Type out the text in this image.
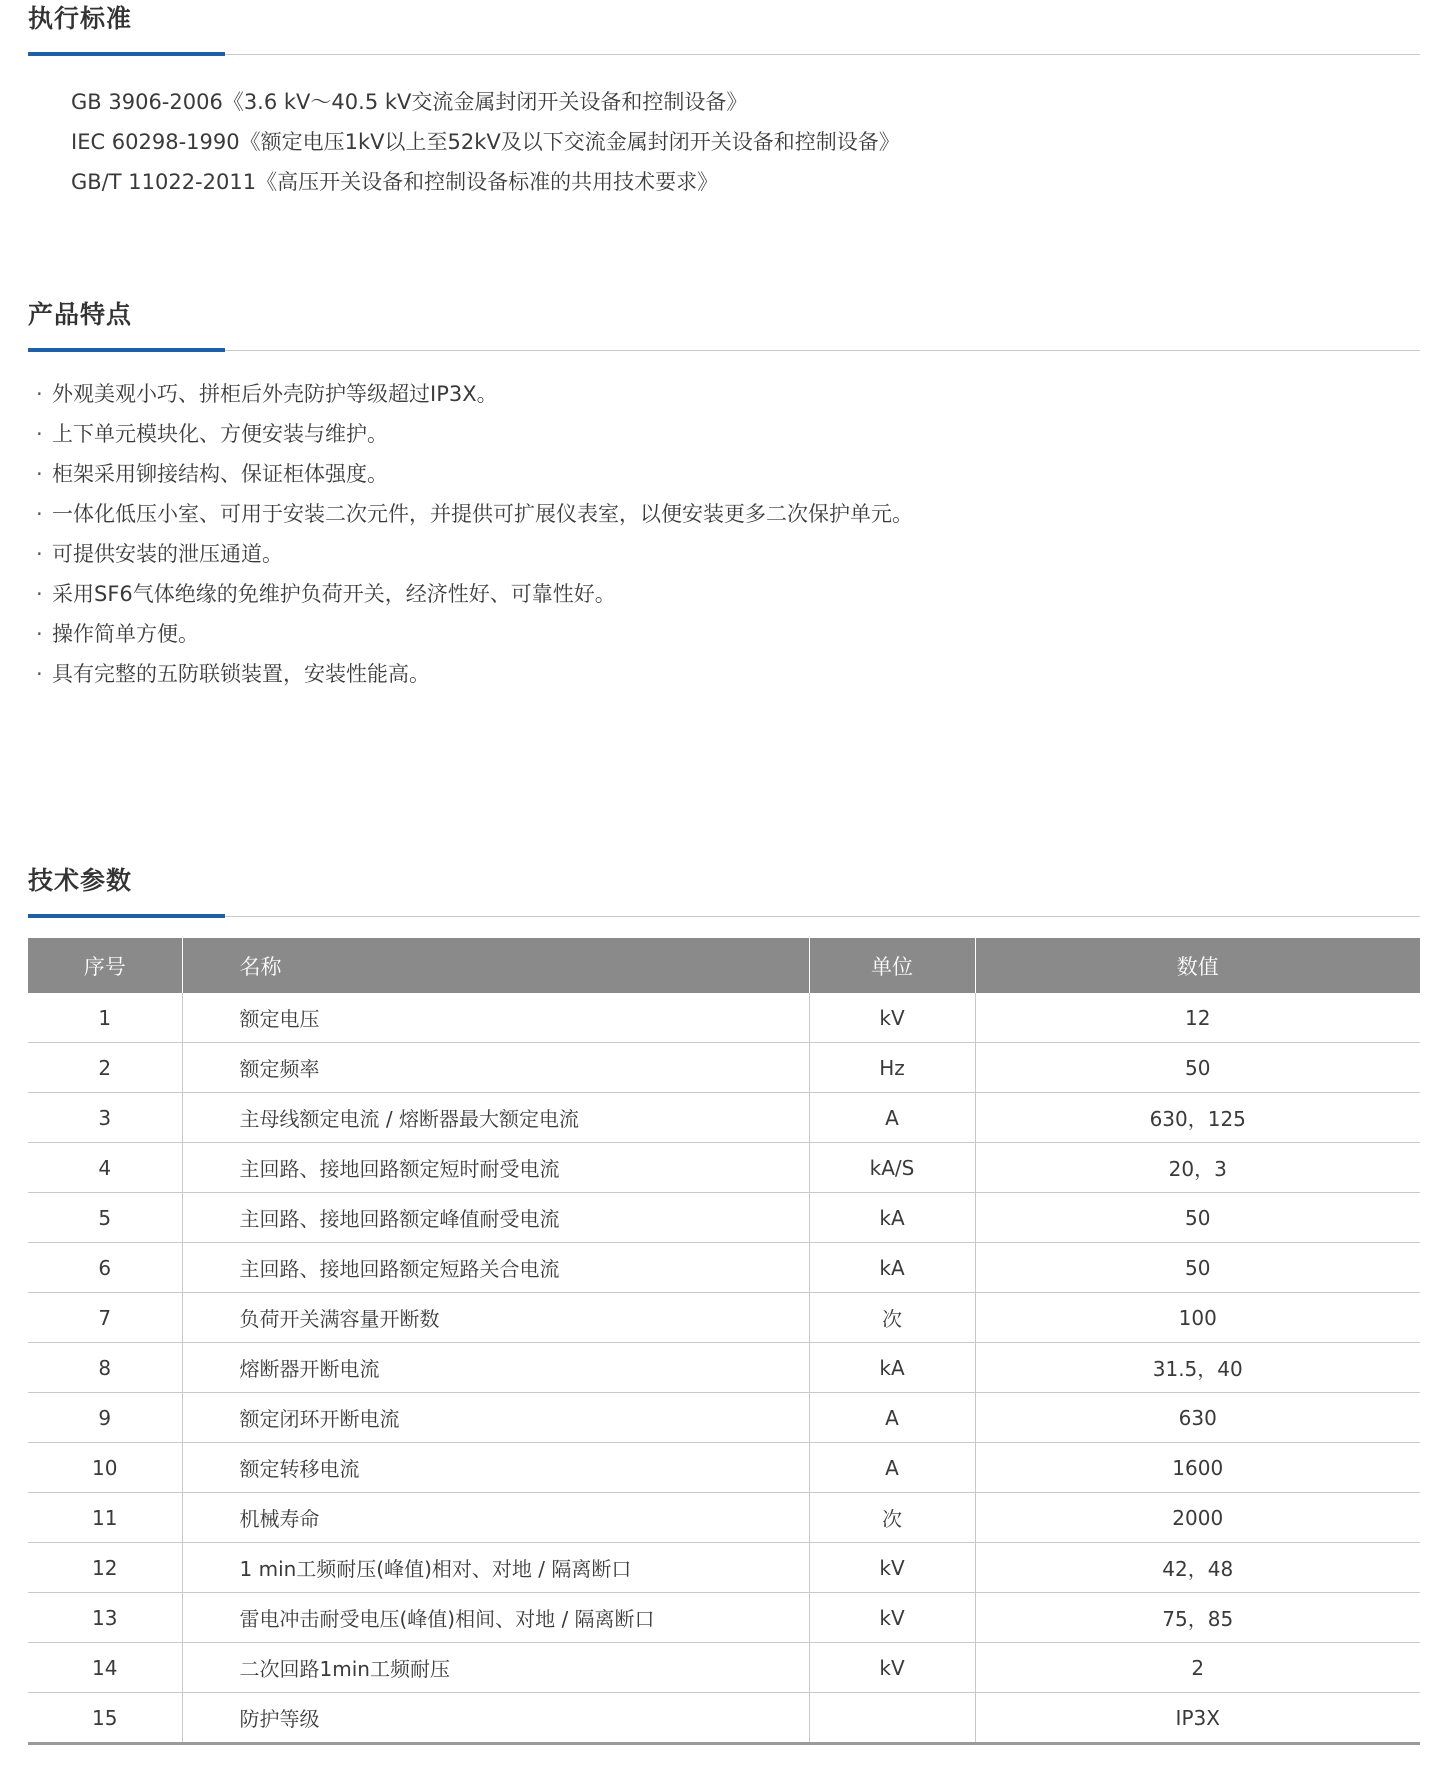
执行标准
GB 3906-2006《3.6 kV～40.5 kV交流金属封闭开关设备和控制设备》
IEC 60298-1990《额定电压1kV以上至52kV及以下交流金属封闭开关设备和控制设备》
GB/T 11022-2011《高压开关设备和控制设备标准的共用技术要求》
产品特点
· 外观美观小巧、拼柜后外壳防护等级超过IP3X。
· 上下单元模块化、方便安装与维护。
· 柜架采用铆接结构、保证柜体强度。
· 一体化低压小室、可用于安装二次元件，并提供可扩展仪表室，以便安装更多二次保护单元。
· 可提供安装的泄压通道。
· 采用SF6气体绝缘的免维护负荷开关，经济性好、可靠性好。
· 操作简单方便。
· 具有完整的五防联锁装置，安装性能高。
技术参数
序号	名称	单位	数值
1	额定电压	kV	12
2	额定频率	Hz	50
3	主母线额定电流 / 熔断器最大额定电流	A	630，125
4	主回路、接地回路额定短时耐受电流	kA/S	20，3
5	主回路、接地回路额定峰值耐受电流	kA	50
6	主回路、接地回路额定短路关合电流	kA	50
7	负荷开关满容量开断数	次	100
8	熔断器开断电流	kA	31.5，40
9	额定闭环开断电流	A	630
10	额定转移电流	A	1600
11	机械寿命	次	2000
12	1 min工频耐压(峰值)相对、对地 / 隔离断口	kV	42，48
13	雷电冲击耐受电压(峰值)相间、对地 / 隔离断口	kV	75，85
14	二次回路1min工频耐压	kV	2
15	防护等级		IP3X
